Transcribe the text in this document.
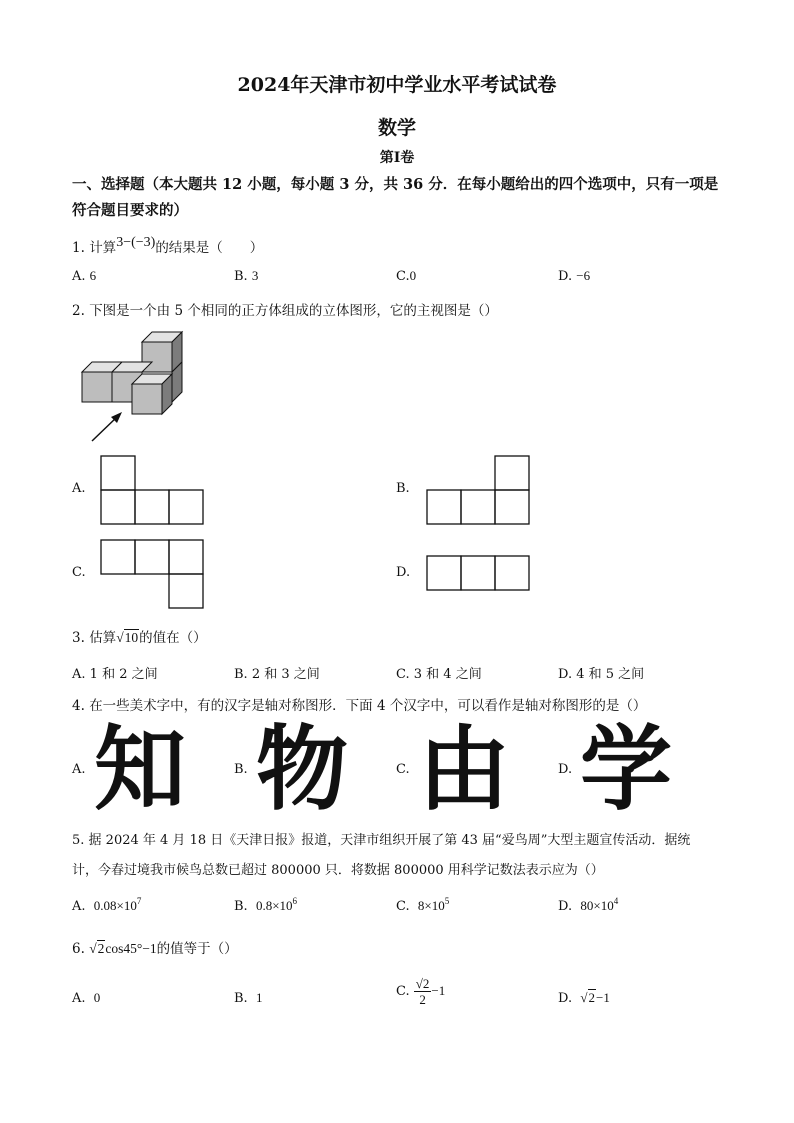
2024年天津市初中学业水平考试试卷
数学
第Ⅰ卷
一、选择题（本大题共 12 小题，每小题 3 分，共 36 分．在每小题给出的四个选项中，只有一项是符合题目要求的）
1. 计算3−(−3)的结果是（　　）
A. 6	B. 3	C.0	D. −6
2. 下图是一个由 5 个相同的正方体组成的立体图形，它的主视图是（）
A.	B.
C.	D.
3. 估算√10的值在（）
A. 1 和 2 之间	B. 2 和 3 之间	C. 3 和 4 之间	D. 4 和 5 之间
4. 在一些美术字中，有的汉字是轴对称图形．下面 4 个汉字中，可以看作是轴对称图形的是（）
A. 知	B. 物	C. 由	D. 学
5. 据 2024 年 4 月 18 日《天津日报》报道，天津市组织开展了第 43 届“爱鸟周”大型主题宣传活动．据统
计，今春过境我市候鸟总数已超过 800000 只．将数据 800000 用科学记数法表示应为（）
A. $0.08\times 10^7$	B. $0.8\times 10^6$	C. $8\times 10^5$	D. $80\times 10^4$
6. √2cos45°−1的值等于（）
A. 0	B. 1	C. $\frac{√2}{2} -1$
D. √2−1
